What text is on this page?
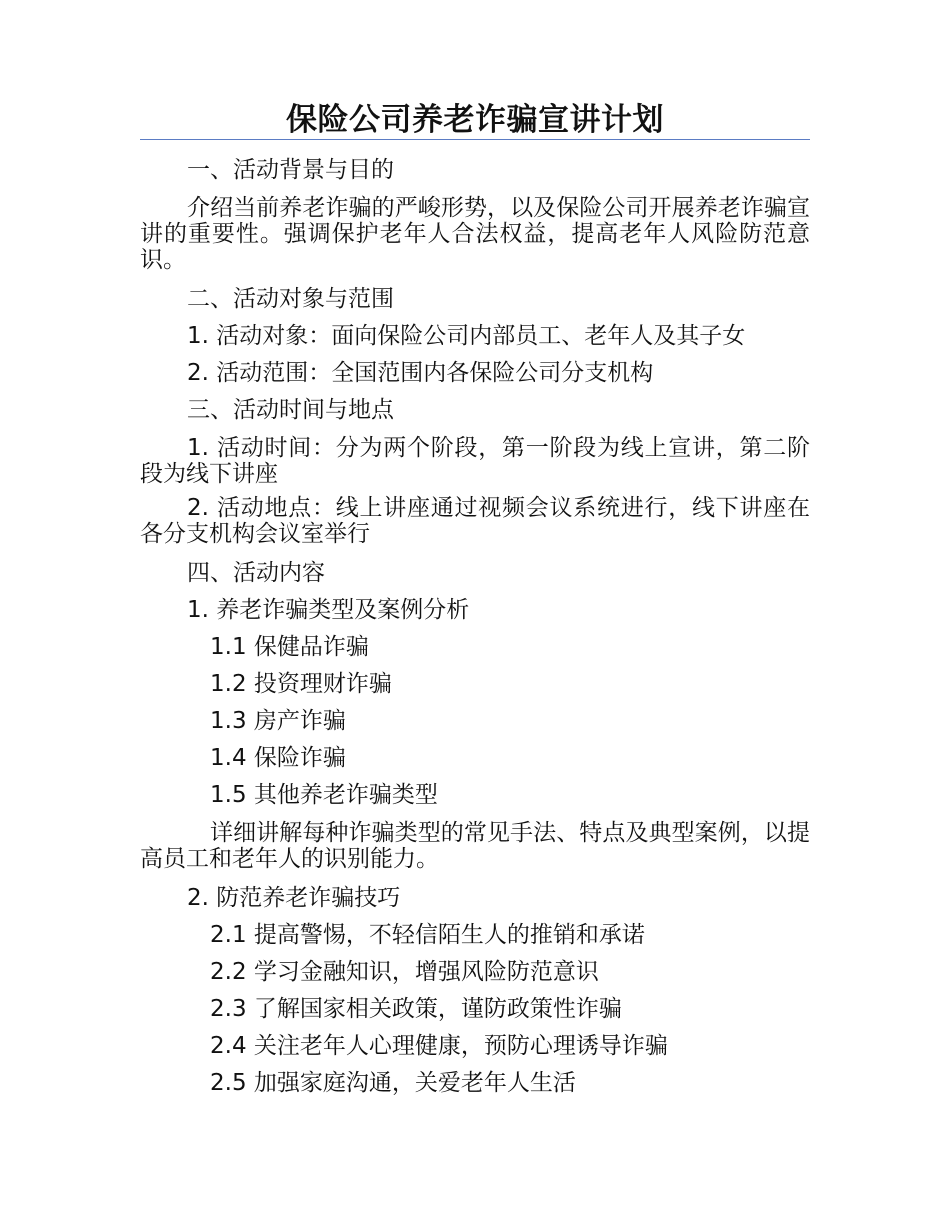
保险公司养老诈骗宣讲计划
一、活动背景与目的
介绍当前养老诈骗的严峻形势，以及保险公司开展养老诈骗宣讲的重要性。强调保护老年人合法权益，提高老年人风险防范意识。
二、活动对象与范围
1. 活动对象：面向保险公司内部员工、老年人及其子女
2. 活动范围：全国范围内各保险公司分支机构
三、活动时间与地点
1. 活动时间：分为两个阶段，第一阶段为线上宣讲，第二阶段为线下讲座
2. 活动地点：线上讲座通过视频会议系统进行，线下讲座在各分支机构会议室举行
四、活动内容
1. 养老诈骗类型及案例分析
1.1 保健品诈骗
1.2 投资理财诈骗
1.3 房产诈骗
1.4 保险诈骗
1.5 其他养老诈骗类型
详细讲解每种诈骗类型的常见手法、特点及典型案例，以提高员工和老年人的识别能力。
2. 防范养老诈骗技巧
2.1 提高警惕，不轻信陌生人的推销和承诺
2.2 学习金融知识，增强风险防范意识
2.3 了解国家相关政策，谨防政策性诈骗
2.4 关注老年人心理健康，预防心理诱导诈骗
2.5 加强家庭沟通，关爱老年人生活
